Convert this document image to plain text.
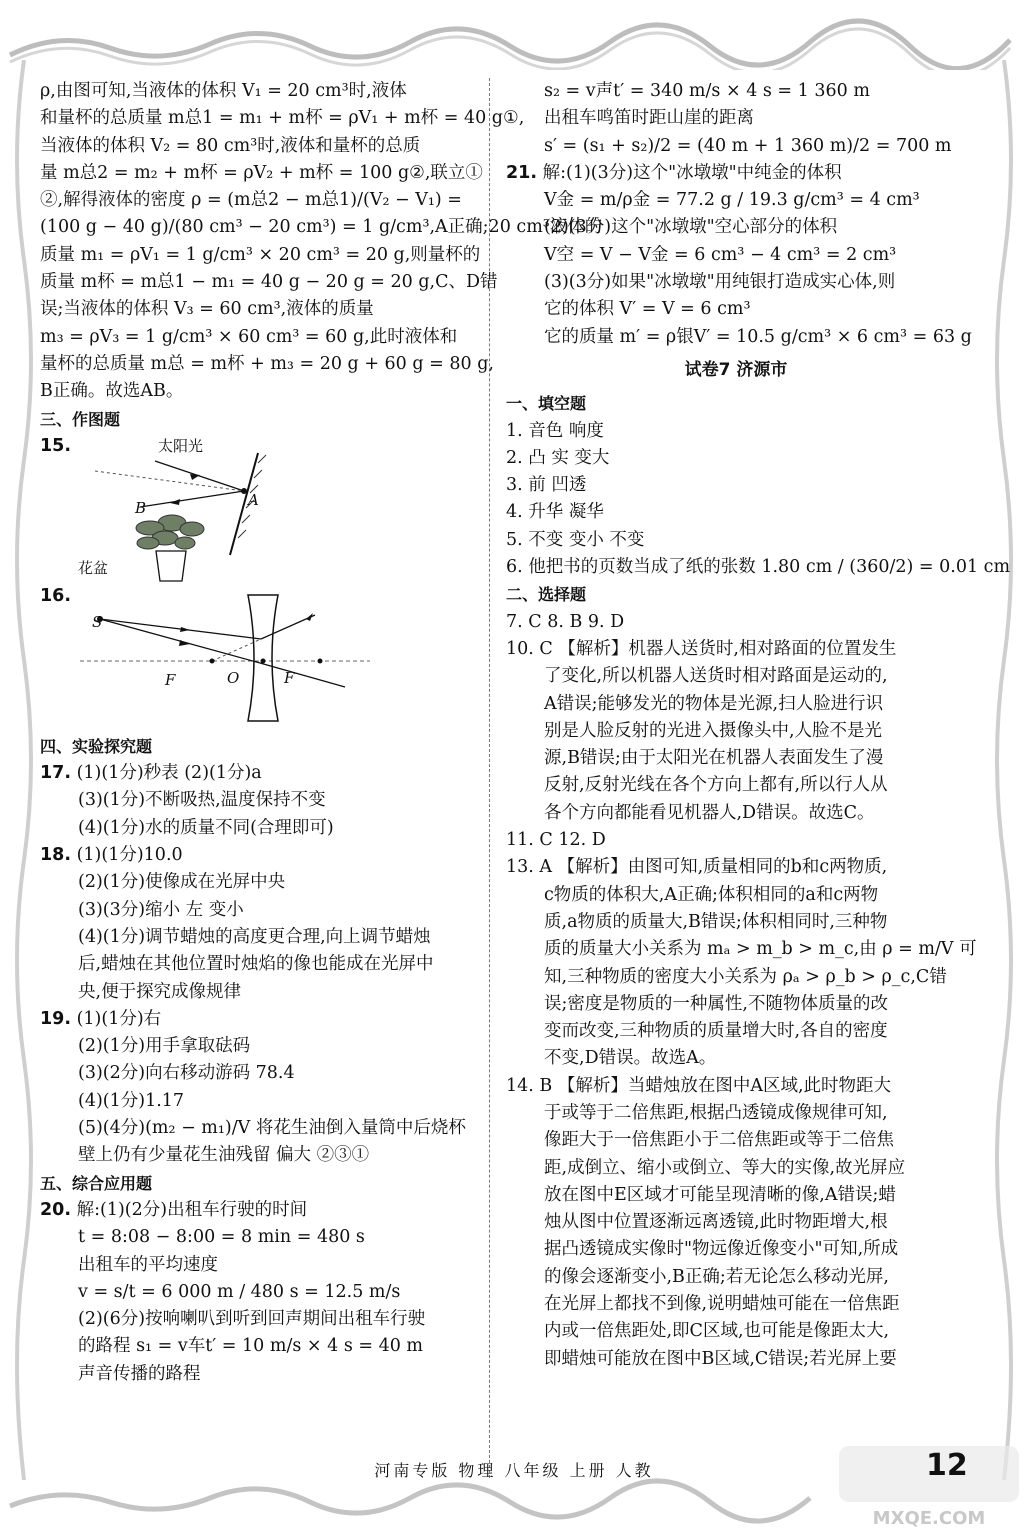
ρ,由图可知,当液体的体积 V₁ = 20 cm³时,液体
和量杯的总质量 m总1 = m₁ + m杯 = ρV₁ + m杯 = 40 g①,
当液体的体积 V₂ = 80 cm³时,液体和量杯的总质
量 m总2 = m₂ + m杯 = ρV₂ + m杯 = 100 g②,联立①
②,解得液体的密度 ρ = (m总2 − m总1)/(V₂ − V₁) =
(100 g − 40 g)/(80 cm³ − 20 cm³) = 1 g/cm³,A正确;20 cm³液体的
质量 m₁ = ρV₁ = 1 g/cm³ × 20 cm³ = 20 g,则量杯的
质量 m杯 = m总1 − m₁ = 40 g − 20 g = 20 g,C、D错
误;当液体的体积 V₃ = 60 cm³,液体的质量
m₃ = ρV₃ = 1 g/cm³ × 60 cm³ = 60 g,此时液体和
量杯的总质量 m总 = m杯 + m₃ = 20 g + 60 g = 80 g,
B正确。故选AB。
三、作图题
15.	太阳光
B	A
花盆
16.
S
F	O	F
四、实验探究题
17. (1)(1分)秒表 (2)(1分)a
(3)(1分)不断吸热,温度保持不变
(4)(1分)水的质量不同(合理即可)
18. (1)(1分)10.0
(2)(1分)使像成在光屏中央
(3)(3分)缩小 左 变小
(4)(1分)调节蜡烛的高度更合理,向上调节蜡烛
后,蜡烛在其他位置时烛焰的像也能成在光屏中
央,便于探究成像规律
19. (1)(1分)右
(2)(1分)用手拿取砝码
(3)(2分)向右移动游码 78.4
(4)(1分)1.17
(5)(4分)(m₂ − m₁)/V 将花生油倒入量筒中后烧杯
壁上仍有少量花生油残留 偏大 ②③①
五、综合应用题
20. 解:(1)(2分)出租车行驶的时间
t = 8:08 − 8:00 = 8 min = 480 s
出租车的平均速度
v = s/t = 6 000 m / 480 s = 12.5 m/s
(2)(6分)按响喇叭到听到回声期间出租车行驶
的路程 s₁ = v车t′ = 10 m/s × 4 s = 40 m
声音传播的路程
s₂ = v声t′ = 340 m/s × 4 s = 1 360 m
出租车鸣笛时距山崖的距离
s′ = (s₁ + s₂)/2 = (40 m + 1 360 m)/2 = 700 m
21. 解:(1)(3分)这个"冰墩墩"中纯金的体积
V金 = m/ρ金 = 77.2 g / 19.3 g/cm³ = 4 cm³
(2)(3分)这个"冰墩墩"空心部分的体积
V空 = V − V金 = 6 cm³ − 4 cm³ = 2 cm³
(3)(3分)如果"冰墩墩"用纯银打造成实心体,则
它的体积 V′ = V = 6 cm³
它的质量 m′ = ρ银V′ = 10.5 g/cm³ × 6 cm³ = 63 g
试卷7 济源市
一、填空题
1. 音色 响度
2. 凸 实 变大
3. 前 凹透
4. 升华 凝华
5. 不变 变小 不变
6. 他把书的页数当成了纸的张数 1.80 cm / (360/2) = 0.01 cm
二、选择题
7. C 8. B 9. D
10. C 【解析】机器人送货时,相对路面的位置发生
了变化,所以机器人送货时相对路面是运动的,
A错误;能够发光的物体是光源,扫人脸进行识
别是人脸反射的光进入摄像头中,人脸不是光
源,B错误;由于太阳光在机器人表面发生了漫
反射,反射光线在各个方向上都有,所以行人从
各个方向都能看见机器人,D错误。故选C。
11. C 12. D
13. A 【解析】由图可知,质量相同的b和c两物质,
c物质的体积大,A正确;体积相同的a和c两物
质,a物质的质量大,B错误;体积相同时,三种物
质的质量大小关系为 mₐ > m_b > m_c,由 ρ = m/V 可
知,三种物质的密度大小关系为 ρₐ > ρ_b > ρ_c,C错
误;密度是物质的一种属性,不随物体质量的改
变而改变,三种物质的质量增大时,各自的密度
不变,D错误。故选A。
14. B 【解析】当蜡烛放在图中A区域,此时物距大
于或等于二倍焦距,根据凸透镜成像规律可知,
像距大于一倍焦距小于二倍焦距或等于二倍焦
距,成倒立、缩小或倒立、等大的实像,故光屏应
放在图中E区域才可能呈现清晰的像,A错误;蜡
烛从图中位置逐渐远离透镜,此时物距增大,根
据凸透镜成实像时"物远像近像变小"可知,所成
的像会逐渐变小,B正确;若无论怎么移动光屏,
在光屏上都找不到像,说明蜡烛可能在一倍焦距
内或一倍焦距处,即C区域,也可能是像距太大,
即蜡烛可能放在图中B区域,C错误;若光屏上要
河南专版 物理 八年级 上册 人教
MXQE.COM
12
